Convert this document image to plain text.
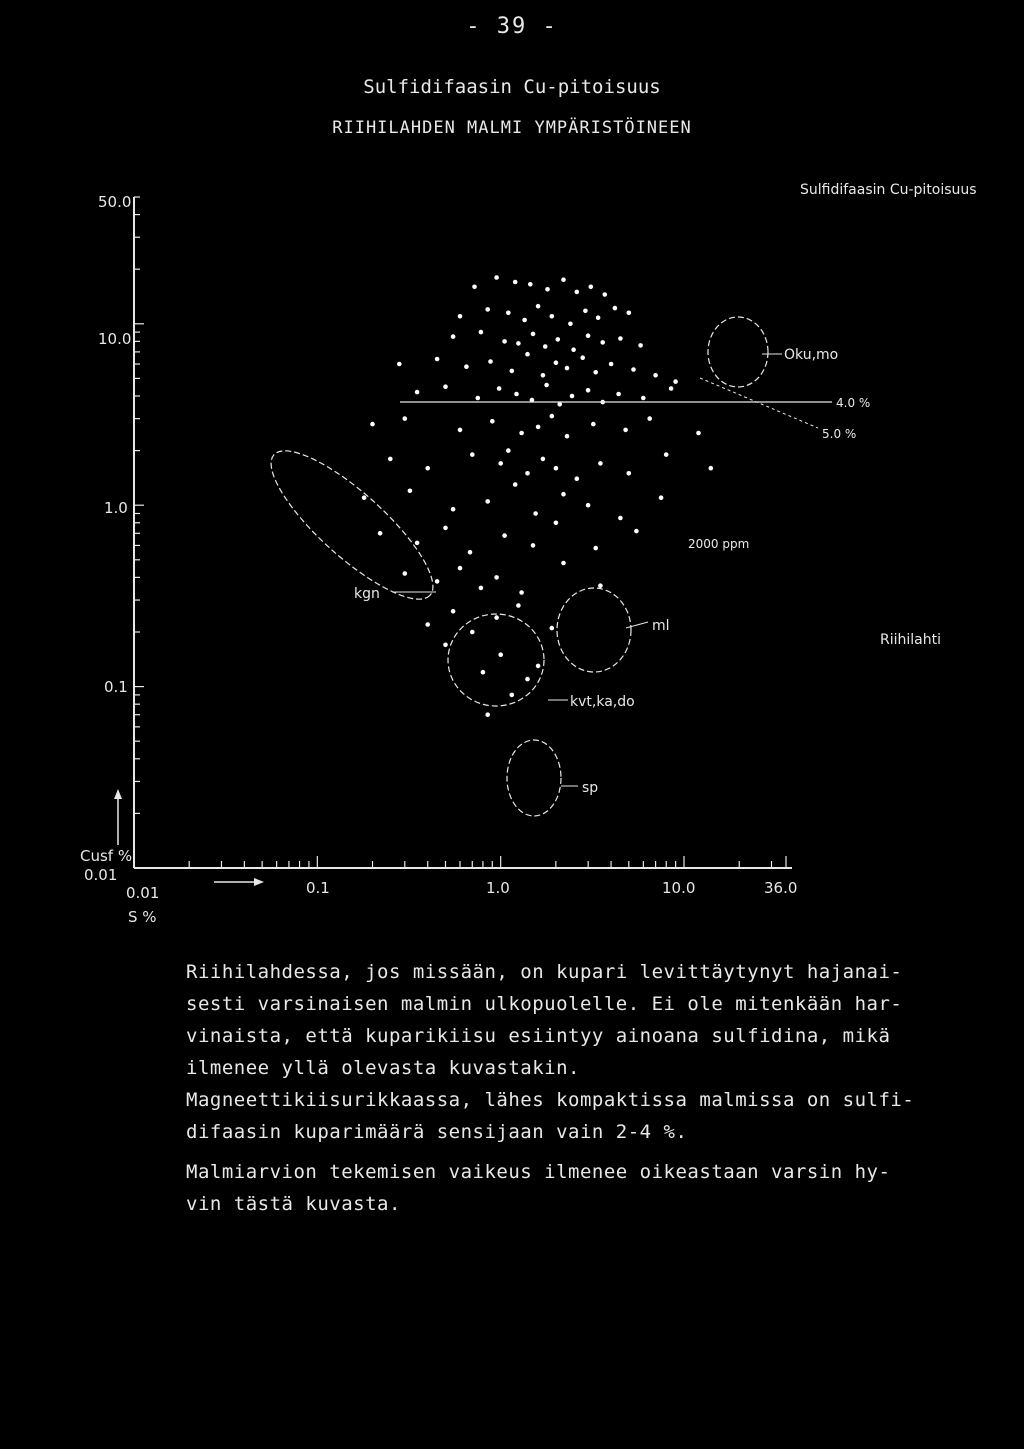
- 39 -
Sulfidifaasin Cu-pitoisuus
RIIHILAHDEN MALMI YMPÄRISTÖINEEN
Sulfidifaasin Cu-pitoisuus
50.0
10.0
1.0
0.1
0.01
Cusf %
0.01	0.1	1.0	10.0	36.0
S %
Oku,mo
4.0 %
5.0 %
2000 ppm
kgn
ml
kvt,ka,do
sp
Riihilahti
Riihilahdessa, jos missään, on kupari levittäytynyt hajanai-
sesti varsinaisen malmin ulkopuolelle. Ei ole mitenkään har-
vinaista, että kuparikiisu esiintyy ainoana sulfidina, mikä
ilmenee yllä olevasta kuvastakin.
Magneettikiisurikkaassa, lähes kompaktissa malmissa on sulfi-
difaasin kuparimäärä sensijaan vain 2-4 %.
Malmiarvion tekemisen vaikeus ilmenee oikeastaan varsin hy-
vin tästä kuvasta.
